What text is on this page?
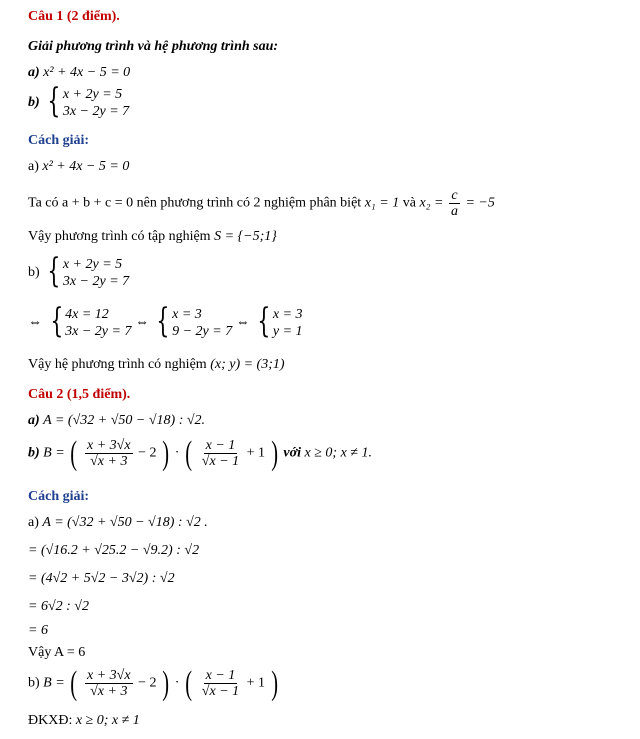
Câu 1 (2 điểm).
Giải phương trình và hệ phương trình sau:
a) x² + 4x − 5 = 0
b) { x + 2y = 5
3x − 2y = 7
Cách giải:
a) x² + 4x − 5 = 0
Ta có a + b + c = 0 nên phương trình có 2 nghiệm phân biệt x₁ = 1 và $x_2 = \frac{c}{a} = -5$
Vậy phương trình có tập nghiệm S = {−5;1}
b) { x + 2y = 5
3x − 2y = 7
⇔ { 4x = 12
3x − 2y = 7
⇔ { x = 3
9 − 2y = 7
⇔ { x = 3
y = 1
Vậy hệ phương trình có nghiệm (x; y) = (3;1)
Câu 2 (1,5 điểm).
a) A = (√32 + √50 − √18) : √2.
b) B = ( $\frac{x + 3√x}{√x + 3} - 2$ ) · ( $\frac{x - 1}{√x - 1} + 1$ ) với x ≥ 0; x ≠ 1.
Cách giải:
a) A = (√32 + √50 − √18) : √2 .
= (√16.2 + √25.2 − √9.2) : √2
= (4√2 + 5√2 − 3√2) : √2
= 6√2 : √2
= 6
Vậy A = 6
b) B = ( $\frac{x + 3√x}{√x + 3} - 2$ ) · ( $\frac{x - 1}{√x - 1} + 1$ )
ĐKXĐ: x ≥ 0; x ≠ 1
